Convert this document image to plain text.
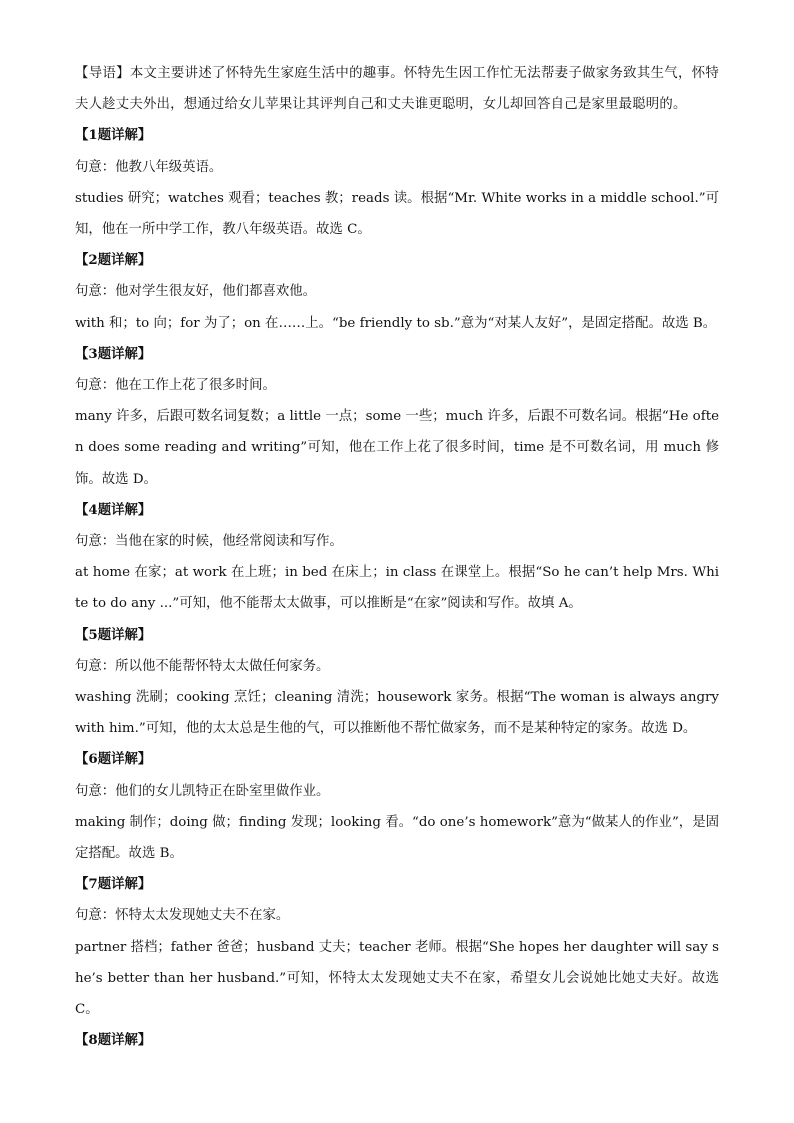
【导语】本文主要讲述了怀特先生家庭生活中的趣事。怀特先生因工作忙无法帮妻子做家务致其生气，怀特夫人趁丈夫外出，想通过给女儿苹果让其评判自己和丈夫谁更聪明，女儿却回答自己是家里最聪明的。

【1题详解】

句意：他教八年级英语。

studies 研究；watches 观看；teaches 教；reads 读。根据“Mr. White works in a middle school.”可知，他在一所中学工作，教八年级英语。故选 C。

【2题详解】

句意：他对学生很友好，他们都喜欢他。

with 和；to 向；for 为了；on 在……上。“be friendly to sb.”意为“对某人友好”，是固定搭配。故选 B。

【3题详解】

句意：他在工作上花了很多时间。

many 许多，后跟可数名词复数；a little 一点；some 一些；much 许多，后跟不可数名词。根据“He often does some reading and writing”可知，他在工作上花了很多时间，time 是不可数名词，用 much 修饰。故选 D。

【4题详解】

句意：当他在家的时候，他经常阅读和写作。

at home 在家；at work 在上班；in bed 在床上；in class 在课堂上。根据“So he can’t help Mrs. White to do any ...”可知，他不能帮太太做事，可以推断是“在家”阅读和写作。故填 A。

【5题详解】

句意：所以他不能帮怀特太太做任何家务。

washing 洗刷；cooking 烹饪；cleaning 清洗；housework 家务。根据“The woman is always angry with him.”可知，他的太太总是生他的气，可以推断他不帮忙做家务，而不是某种特定的家务。故选 D。

【6题详解】

句意：他们的女儿凯特正在卧室里做作业。

making 制作；doing 做；finding 发现；looking 看。“do one’s homework”意为“做某人的作业”，是固定搭配。故选 B。

【7题详解】

句意：怀特太太发现她丈夫不在家。

partner 搭档；father 爸爸；husband 丈夫；teacher 老师。根据“She hopes her daughter will say she’s better than her husband.”可知，怀特太太发现她丈夫不在家，希望女儿会说她比她丈夫好。故选 C。

【8题详解】
